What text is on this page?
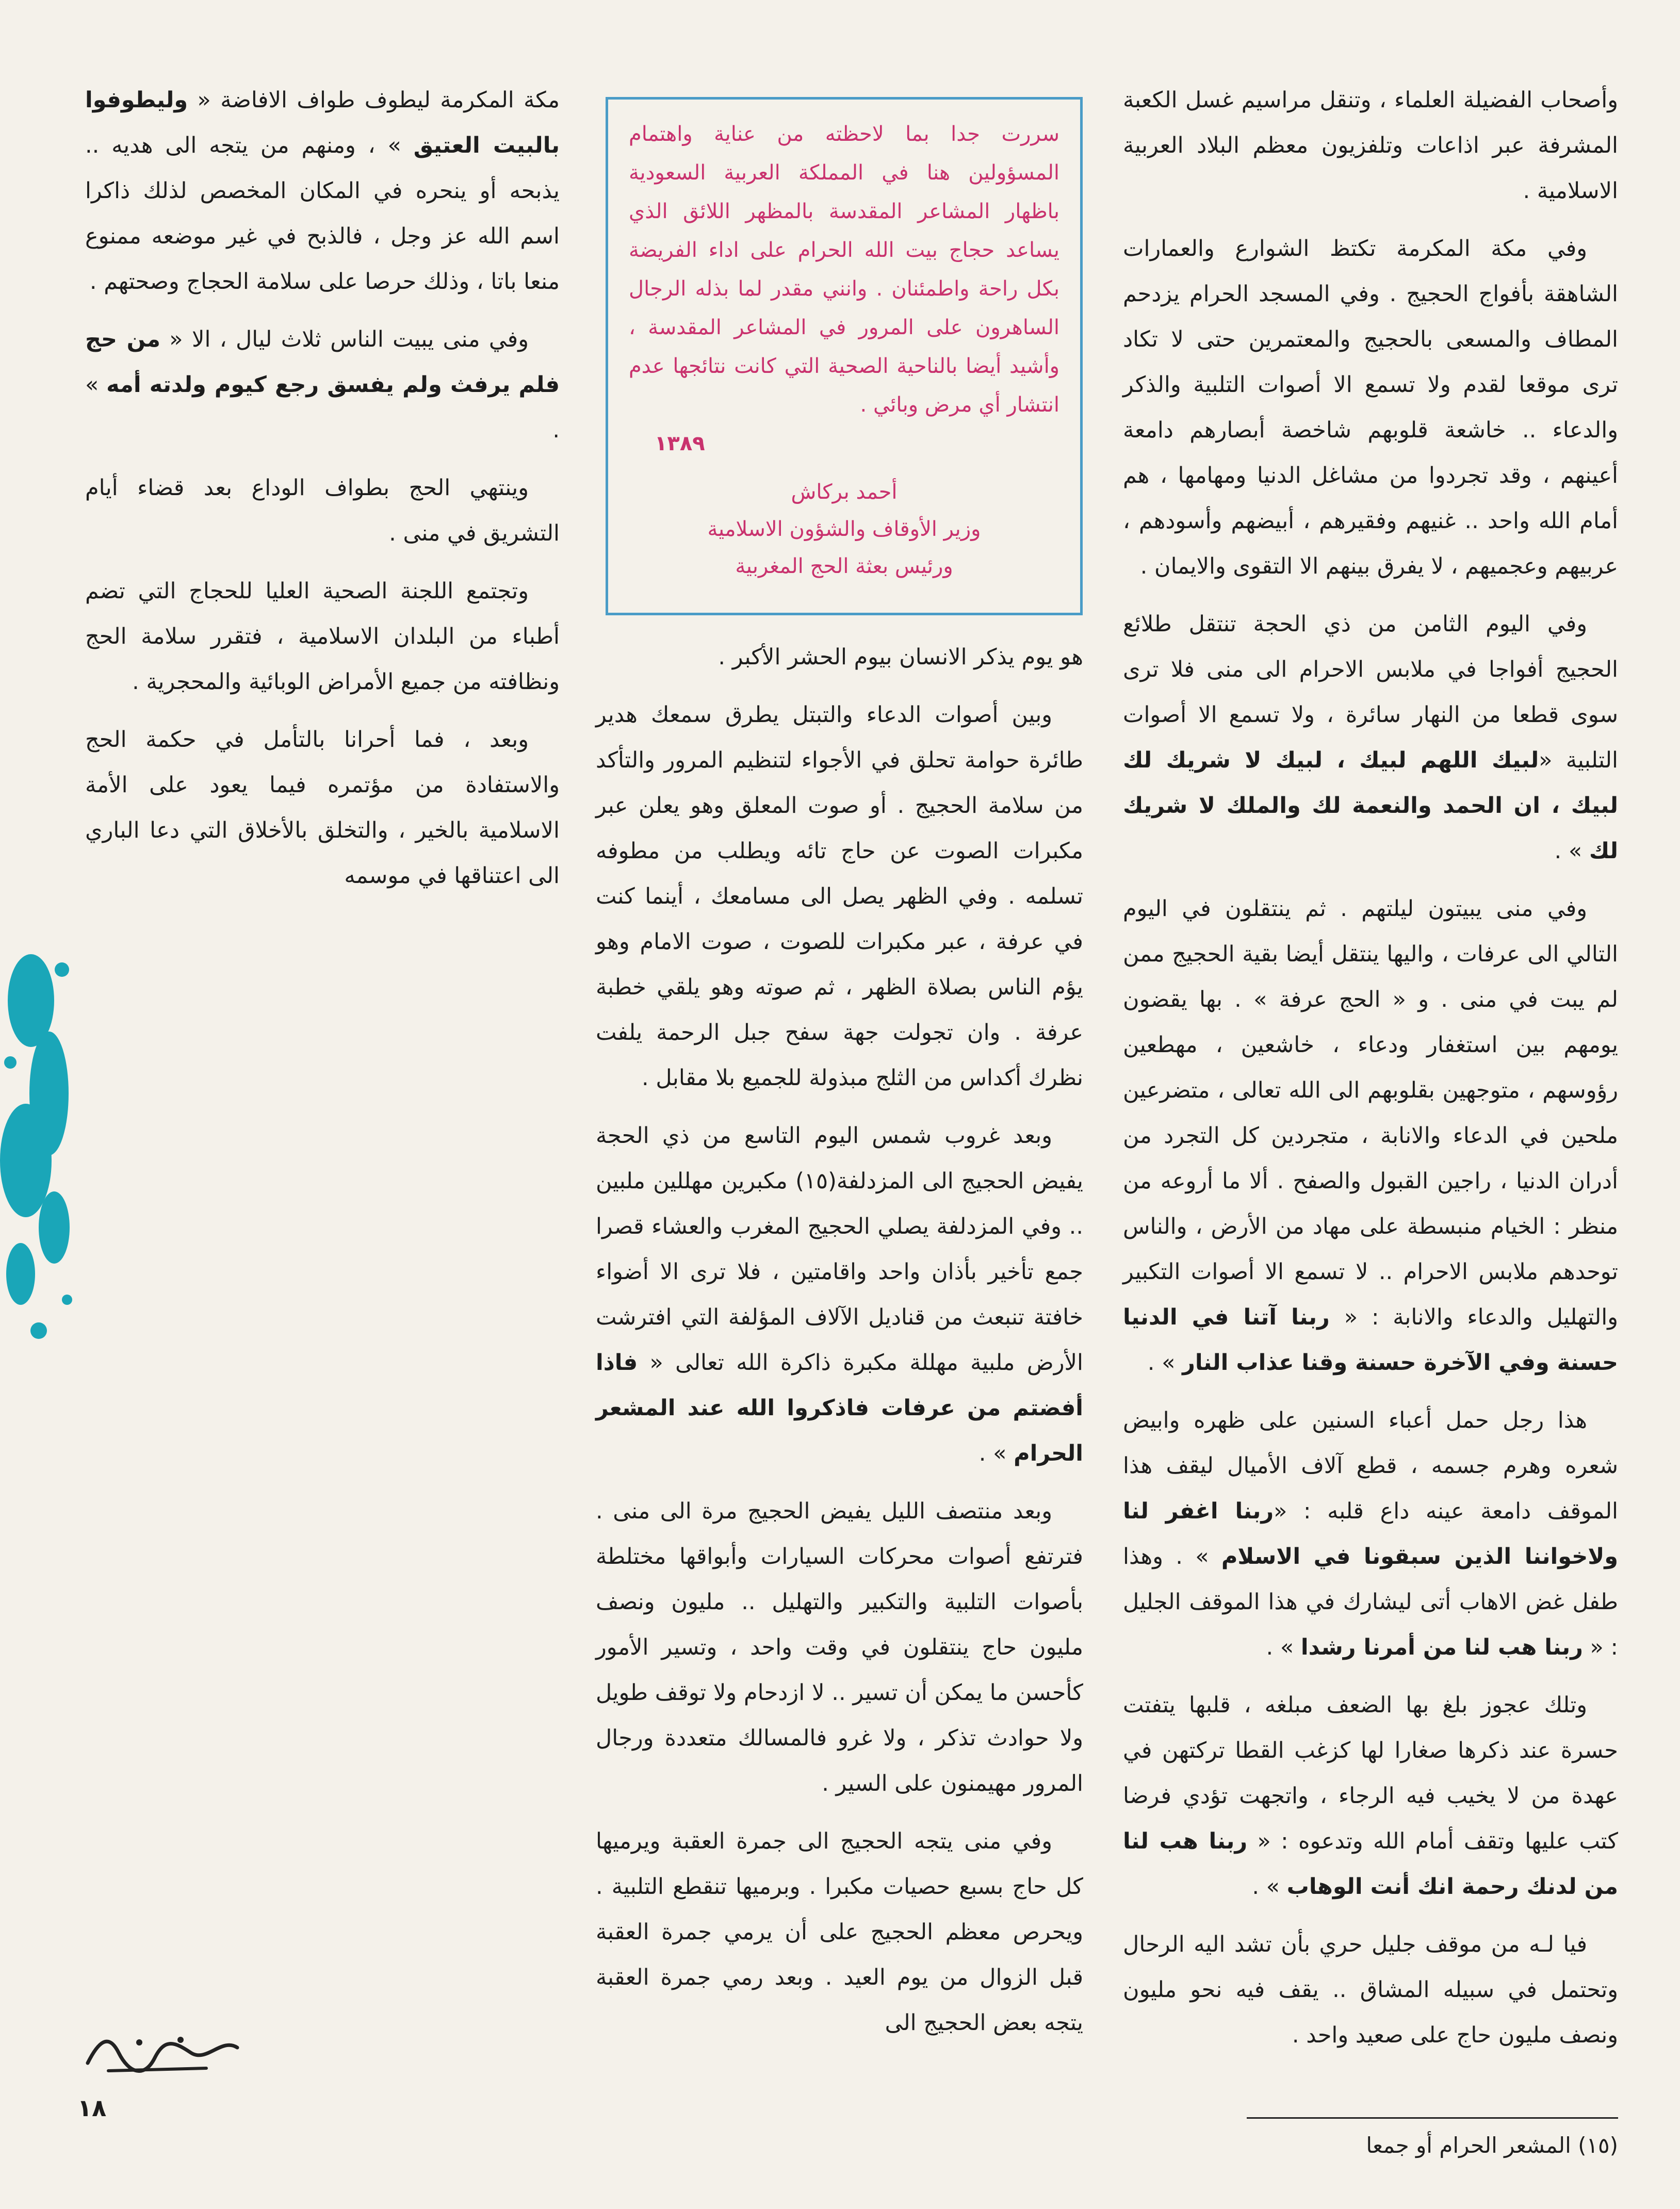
وأصحاب الفضيلة العلماء ، وتنقل مراسيم غسل الكعبة المشرفة عبر اذاعات وتلفزيون معظم البلاد العربية الاسلامية .

وفي مكة المكرمة تكتظ الشوارع والعمارات الشاهقة بأفواج الحجيج . وفي المسجد الحرام يزدحم المطاف والمسعى بالحجيج والمعتمرين حتى لا تكاد ترى موقعا لقدم ولا تسمع الا أصوات التلبية والذكر والدعاء .. خاشعة قلوبهم شاخصة أبصارهم دامعة أعينهم ، وقد تجردوا من مشاغل الدنيا ومهامها ، هم أمام الله واحد .. غنيهم وفقيرهم ، أبيضهم وأسودهم ، عربيهم وعجميهم ، لا يفرق بينهم الا التقوى والايمان .

وفي اليوم الثامن من ذي الحجة تنتقل طلائع الحجيج أفواجا في ملابس الاحرام الى منى فلا ترى سوى قطعا من النهار سائرة ، ولا تسمع الا أصوات التلبية «لبيك اللهم لبيك ، لبيك لا شريك لك لبيك ، ان الحمد والنعمة لك والملك لا شريك لك » .

وفي منى يبيتون ليلتهم . ثم ينتقلون في اليوم التالي الى عرفات ، واليها ينتقل أيضا بقية الحجيج ممن لم يبت في منى . و « الحج عرفة » . بها يقضون يومهم بين استغفار ودعاء ، خاشعين ، مهطعين رؤوسهم ، متوجهين بقلوبهم الى الله تعالى ، متضرعين ملحين في الدعاء والانابة ، متجردين كل التجرد من أدران الدنيا ، راجين القبول والصفح . ألا ما أروعه من منظر : الخيام منبسطة على مهاد من الأرض ، والناس توحدهم ملابس الاحرام .. لا تسمع الا أصوات التكبير والتهليل والدعاء والانابة : « ربنا آتنا في الدنيا حسنة وفي الآخرة حسنة وقنا عذاب النار » .

هذا رجل حمل أعباء السنين على ظهره وابيض شعره وهرم جسمه ، قطع آلاف الأميال ليقف هذا الموقف دامعة عينه داع قلبه : «ربنا اغفر لنا ولاخواننا الذين سبقونا في الاسلام » . وهذا طفل غض الاهاب أتى ليشارك في هذا الموقف الجليل : « ربنا هب لنا من أمرنا رشدا » .

وتلك عجوز بلغ بها الضعف مبلغه ، قلبها يتفتت حسرة عند ذكرها صغارا لها كزغب القطا تركتهن في عهدة من لا يخيب فيه الرجاء ، واتجهت تؤدي فرضا كتب عليها وتقف أمام الله وتدعوه : « ربنا هب لنا من لدنك رحمة انك أنت الوهاب » .

فيا لـه من موقف جليل حري بأن تشد اليه الرحال وتحتمل في سبيله المشاق .. يقف فيه نحو مليون ونصف مليون حاج على صعيد واحد .

سررت جدا بما لاحظته من عناية واهتمام المسؤولين هنا في المملكة العربية السعودية باظهار المشاعر المقدسة بالمظهر اللائق الذي يساعد حجاج بيت الله الحرام على اداء الفريضة بكل راحة واطمئنان . وانني مقدر لما بذله الرجال الساهرون على المرور في المشاعر المقدسة ، وأشيد أيضا بالناحية الصحية التي كانت نتائجها عدم انتشار أي مرض وبائي .

١٣٨٩

أحمد بركاش
وزير الأوقاف والشؤون الاسلامية
ورئيس بعثة الحج المغربية

هو يوم يذكر الانسان بيوم الحشر الأكبر .

وبين أصوات الدعاء والتبتل يطرق سمعك هدير طائرة حوامة تحلق في الأجواء لتنظيم المرور والتأكد من سلامة الحجيج . أو صوت المعلق وهو يعلن عبر مكبرات الصوت عن حاج تائه ويطلب من مطوفه تسلمه . وفي الظهر يصل الى مسامعك ، أينما كنت في عرفة ، عبر مكبرات للصوت ، صوت الامام وهو يؤم الناس بصلاة الظهر ، ثم صوته وهو يلقي خطبة عرفة . وان تجولت جهة سفح جبل الرحمة يلفت نظرك أكداس من الثلج مبذولة للجميع بلا مقابل .

وبعد غروب شمس اليوم التاسع من ذي الحجة يفيض الحجيج الى المزدلفة(١٥) مكبرين مهللين ملبين .. وفي المزدلفة يصلي الحجيج المغرب والعشاء قصرا جمع تأخير بأذان واحد واقامتين ، فلا ترى الا أضواء خافتة تنبعث من قناديل الآلاف المؤلفة التي افترشت الأرض ملبية مهللة مكبرة ذاكرة الله تعالى « فاذا أفضتم من عرفات فاذكروا الله عند المشعر الحرام » .

وبعد منتصف الليل يفيض الحجيج مرة الى منى . فترتفع أصوات محركات السيارات وأبواقها مختلطة بأصوات التلبية والتكبير والتهليل .. مليون ونصف مليون حاج ينتقلون في وقت واحد ، وتسير الأمور كأحسن ما يمكن أن تسير .. لا ازدحام ولا توقف طويل ولا حوادث تذكر ، ولا غرو فالمسالك متعددة ورجال المرور مهيمنون على السير .

وفي منى يتجه الحجيج الى جمرة العقبة ويرميها كل حاج بسبع حصيات مكبرا . وبرميها تنقطع التلبية . ويحرص معظم الحجيج على أن يرمي جمرة العقبة قبل الزوال من يوم العيد . وبعد رمي جمرة العقبة يتجه بعض الحجيج الى

مكة المكرمة ليطوف طواف الافاضة « وليطوفوا بالبيت العتيق » ، ومنهم من يتجه الى هديه .. يذبحه أو ينحره في المكان المخصص لذلك ذاكرا اسم الله عز وجل ، فالذبح في غير موضعه ممنوع منعا باتا ، وذلك حرصا على سلامة الحجاج وصحتهم .

وفي منى يبيت الناس ثلاث ليال ، الا « من حج فلم يرفث ولم يفسق رجع كيوم ولدته أمه » .

وينتهي الحج بطواف الوداع بعد قضاء أيام التشريق في منى .

وتجتمع اللجنة الصحية العليا للحجاج التي تضم أطباء من البلدان الاسلامية ، فتقرر سلامة الحج ونظافته من جميع الأمراض الوبائية والمحجرية .

وبعد ، فما أحرانا بالتأمل في حكمة الحج والاستفادة من مؤتمره فيما يعود على الأمة الاسلامية بالخير ، والتخلق بالأخلاق التي دعا الباري الى اعتناقها في موسمه

١٨
(١٥) المشعر الحرام أو جمعا
